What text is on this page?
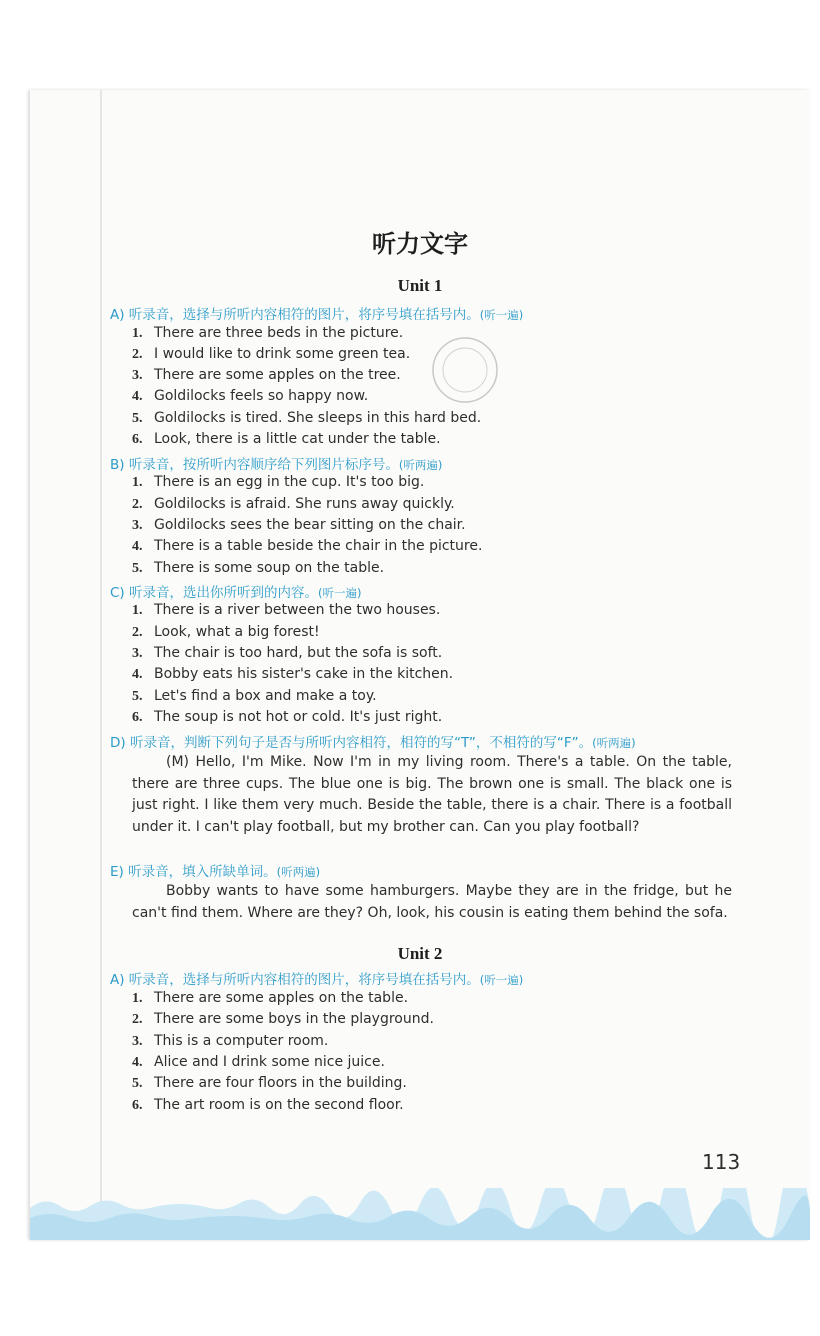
听力文字
Unit 1
A) 听录音，选择与所听内容相符的图片，将序号填在括号内。(听一遍)
1. There are three beds in the picture.
2. I would like to drink some green tea.
3. There are some apples on the tree.
4. Goldilocks feels so happy now.
5. Goldilocks is tired. She sleeps in this hard bed.
6. Look, there is a little cat under the table.
B) 听录音，按所听内容顺序给下列图片标序号。(听两遍)
1. There is an egg in the cup. It's too big.
2. Goldilocks is afraid. She runs away quickly.
3. Goldilocks sees the bear sitting on the chair.
4. There is a table beside the chair in the picture.
5. There is some soup on the table.
C) 听录音，选出你所听到的内容。(听一遍)
1. There is a river between the two houses.
2. Look, what a big forest!
3. The chair is too hard, but the sofa is soft.
4. Bobby eats his sister's cake in the kitchen.
5. Let's find a box and make a toy.
6. The soup is not hot or cold. It's just right.
D) 听录音，判断下列句子是否与所听内容相符，相符的写“T”，不相符的写“F”。(听两遍)
(M) Hello, I'm Mike. Now I'm in my living room. There's a table. On the table, there are three cups. The blue one is big. The brown one is small. The black one is just right. I like them very much. Beside the table, there is a chair. There is a football under it. I can't play football, but my brother can. Can you play football?
E) 听录音，填入所缺单词。(听两遍)
Bobby wants to have some hamburgers. Maybe they are in the fridge, but he can't find them. Where are they? Oh, look, his cousin is eating them behind the sofa.
Unit 2
A) 听录音，选择与所听内容相符的图片，将序号填在括号内。(听一遍)
1. There are some apples on the table.
2. There are some boys in the playground.
3. This is a computer room.
4. Alice and I drink some nice juice.
5. There are four floors in the building.
6. The art room is on the second floor.
113
